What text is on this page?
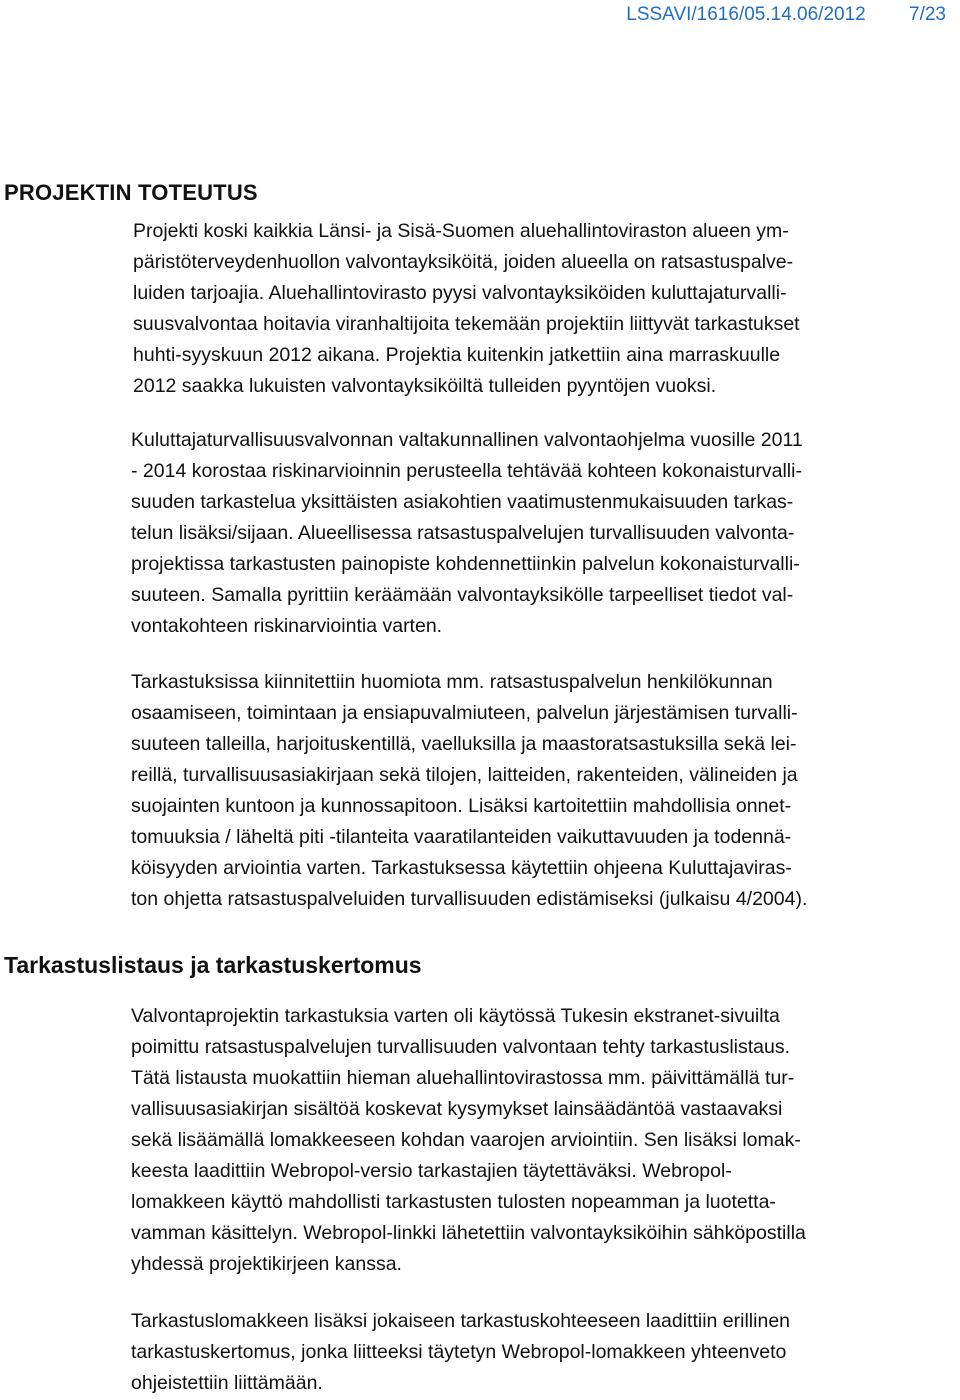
LSSAVI/1616/05.14.06/2012 7/23
PROJEKTIN TOTEUTUS

Projekti koski kaikkia Länsi- ja Sisä-Suomen aluehallintoviraston alueen ym-
päristöterveydenhuollon valvontayksiköitä, joiden alueella on ratsastuspalve-
luiden tarjoajia. Aluehallintovirasto pyysi valvontayksiköiden kuluttajaturvalli-
suusvalvontaa hoitavia viranhaltijoita tekemään projektiin liittyvät tarkastukset
huhti-syyskuun 2012 aikana. Projektia kuitenkin jatkettiin aina marraskuulle
2012 saakka lukuisten valvontayksiköiltä tulleiden pyyntöjen vuoksi.

Kuluttajaturvallisuusvalvonnan valtakunnallinen valvontaohjelma vuosille 2011
- 2014 korostaa riskinarvioinnin perusteella tehtävää kohteen kokonaisturvalli-
suuden tarkastelua yksittäisten asiakohtien vaatimustenmukaisuuden tarkas-
telun lisäksi/sijaan. Alueellisessa ratsastuspalvelujen turvallisuuden valvonta-
projektissa tarkastusten painopiste kohdennettiinkin palvelun kokonaisturvalli-
suuteen. Samalla pyrittiin keräämään valvontayksikölle tarpeelliset tiedot val-
vontakohteen riskinarviointia varten.

Tarkastuksissa kiinnitettiin huomiota mm. ratsastuspalvelun henkilökunnan
osaamiseen, toimintaan ja ensiapuvalmiuteen, palvelun järjestämisen turvalli-
suuteen talleilla, harjoituskentillä, vaelluksilla ja maastoratsastuksilla sekä lei-
reillä, turvallisuusasiakirjaan sekä tilojen, laitteiden, rakenteiden, välineiden ja
suojainten kuntoon ja kunnossapitoon. Lisäksi kartoitettiin mahdollisia onnet-
tomuuksia / läheltä piti -tilanteita vaaratilanteiden vaikuttavuuden ja todennä-
köisyyden arviointia varten. Tarkastuksessa käytettiin ohjeena Kuluttajaviras-
ton ohjetta ratsastuspalveluiden turvallisuuden edistämiseksi (julkaisu 4/2004).

Tarkastuslistaus ja tarkastuskertomus

Valvontaprojektin tarkastuksia varten oli käytössä Tukesin ekstranet-sivuilta
poimittu ratsastuspalvelujen turvallisuuden valvontaan tehty tarkastuslistaus.
Tätä listausta muokattiin hieman aluehallintovirastossa mm. päivittämällä tur-
vallisuusasiakirjan sisältöä koskevat kysymykset lainsäädäntöä vastaavaksi
sekä lisäämällä lomakkeeseen kohdan vaarojen arviointiin. Sen lisäksi lomak-
keesta laadittiin Webropol-versio tarkastajien täytettäväksi. Webropol-
lomakkeen käyttö mahdollisti tarkastusten tulosten nopeamman ja luotetta-
vamman käsittelyn. Webropol-linkki lähetettiin valvontayksiköihin sähköpostilla
yhdessä projektikirjeen kanssa.

Tarkastuslomakkeen lisäksi jokaiseen tarkastuskohteeseen laadittiin erillinen
tarkastuskertomus, jonka liitteeksi täytetyn Webropol-lomakkeen yhteenveto
ohjeistettiin liittämään.
